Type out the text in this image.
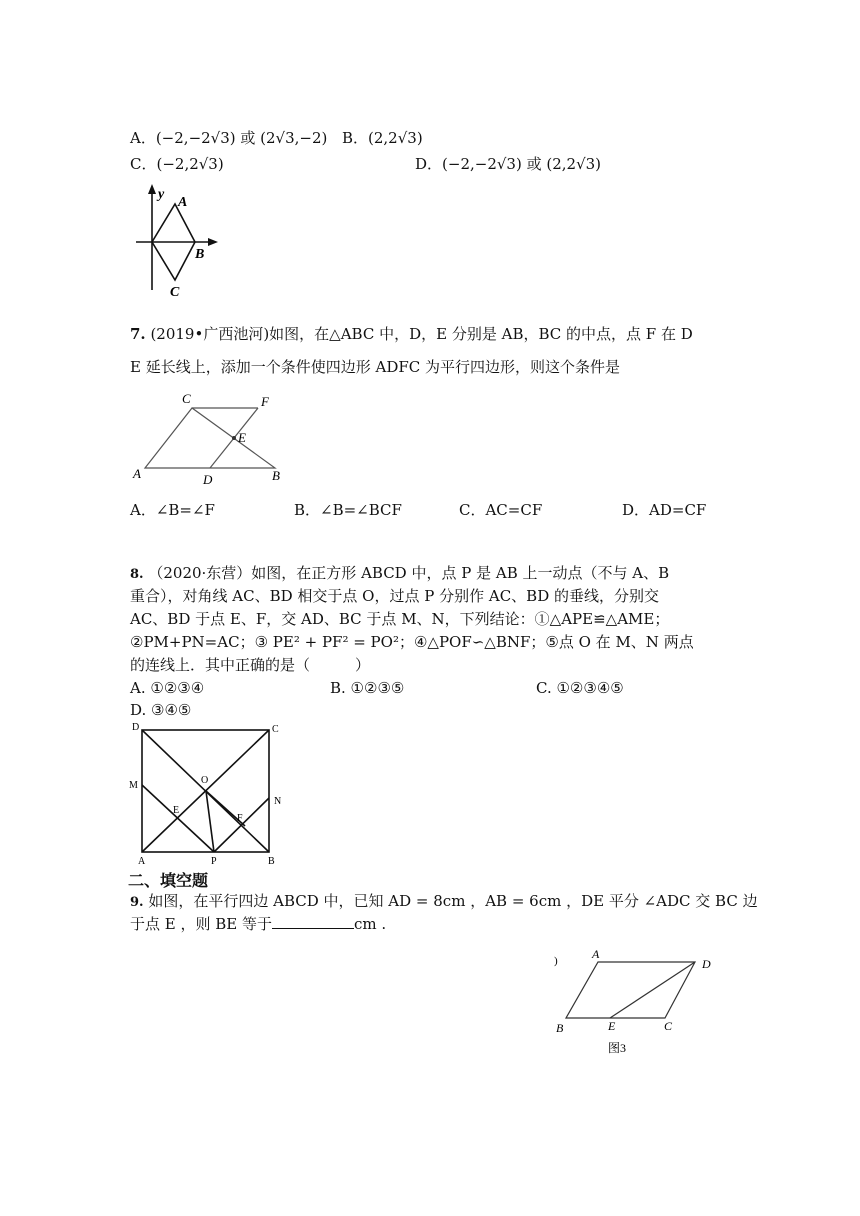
A．(−2,−2√3) 或 (2√3,−2) B．(2,2√3)
C．(−2,2√3)	D．(−2,−2√3) 或 (2,2√3)
y
A
B
C
7. (2019•广西池河)如图，在△ABC 中，D，E 分别是 AB，BC 的中点，点 F 在 D
E 延长线上，添加一个条件使四边形 ADFC 为平行四边形，则这个条件是
C	F
E
A	D	B
A．∠B=∠F	B．∠B=∠BCF	C．AC=CF	D．AD=CF
8. （2020·东营）如图，在正方形 ABCD 中，点 P 是 AB 上一动点（不与 A、B
重合），对角线 AC、BD 相交于点 O，过点 P 分别作 AC、BD 的垂线，分别交
AC、BD 于点 E、F，交 AD、BC 于点 M、N，下列结论：①△APE≌△AME；
②PM+PN=AC；③ PE² + PF² = PO²；④△POF∽△BNF；⑤点 O 在 M、N 两点
的连线上．其中正确的是（　　　）
A. ①②③④	B. ①②③⑤	C. ①②③④⑤
D. ③④⑤
D	C
M	O
N
E
F
A	P	B
二、填空题
9. 如图，在平行四边 ABCD 中，已知 AD = 8cm ，AB = 6cm ，DE 平分 ∠ADC 交 BC 边
于点 E ，则 BE 等于	cm .
)	A
D
B	E	C
图3
